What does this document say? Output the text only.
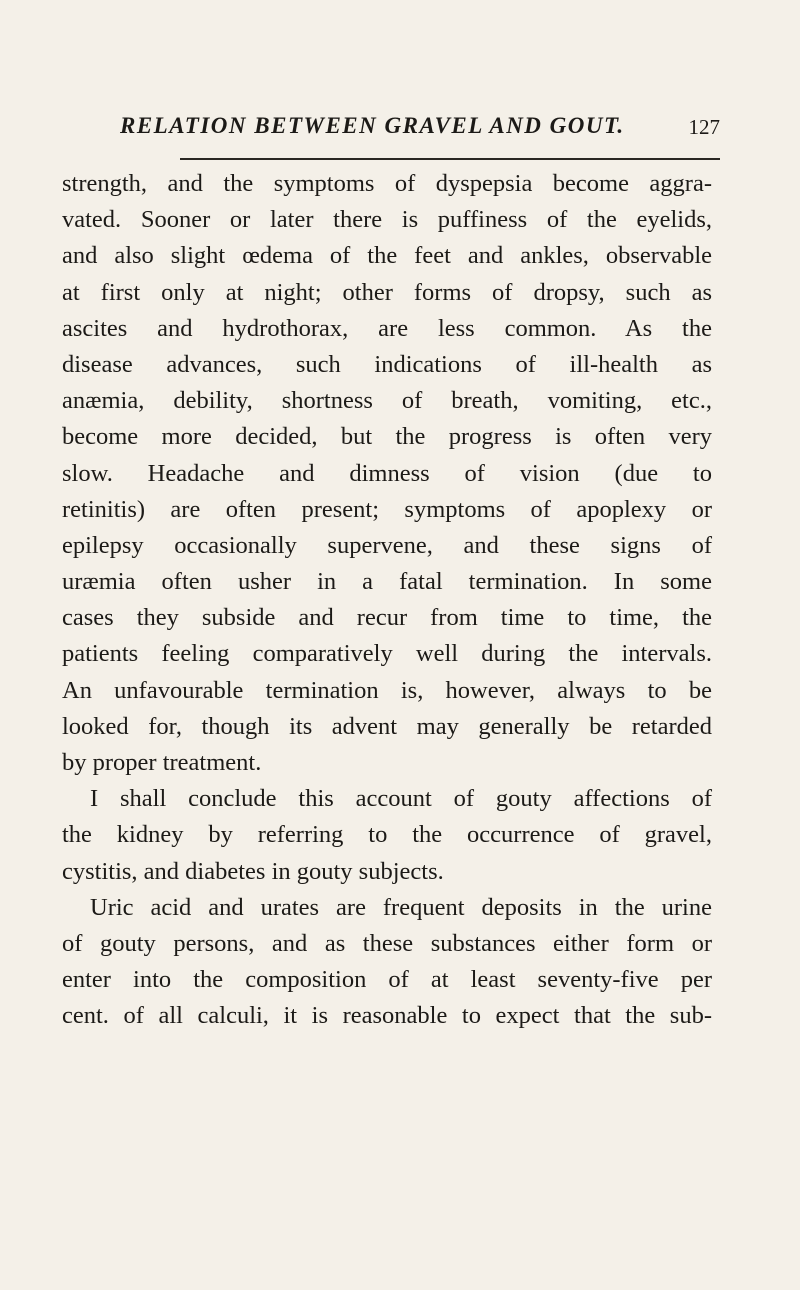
RELATION BETWEEN GRAVEL AND GOUT.	127
strength, and the symptoms of dyspepsia become aggra-
vated. Sooner or later there is puffiness of the eyelids,
and also slight œdema of the feet and ankles, observable
at first only at night; other forms of dropsy, such as
ascites and hydrothorax, are less common. As the
disease advances, such indications of ill-health as
anæmia, debility, shortness of breath, vomiting, etc.,
become more decided, but the progress is often very
slow. Headache and dimness of vision (due to
retinitis) are often present; symptoms of apoplexy or
epilepsy occasionally supervene, and these signs of
uræmia often usher in a fatal termination. In some
cases they subside and recur from time to time, the
patients feeling comparatively well during the intervals.
An unfavourable termination is, however, always to be
looked for, though its advent may generally be retarded
by proper treatment.
I shall conclude this account of gouty affections of
the kidney by referring to the occurrence of gravel,
cystitis, and diabetes in gouty subjects.
Uric acid and urates are frequent deposits in the urine
of gouty persons, and as these substances either form or
enter into the composition of at least seventy-five per
cent. of all calculi, it is reasonable to expect that the sub-
